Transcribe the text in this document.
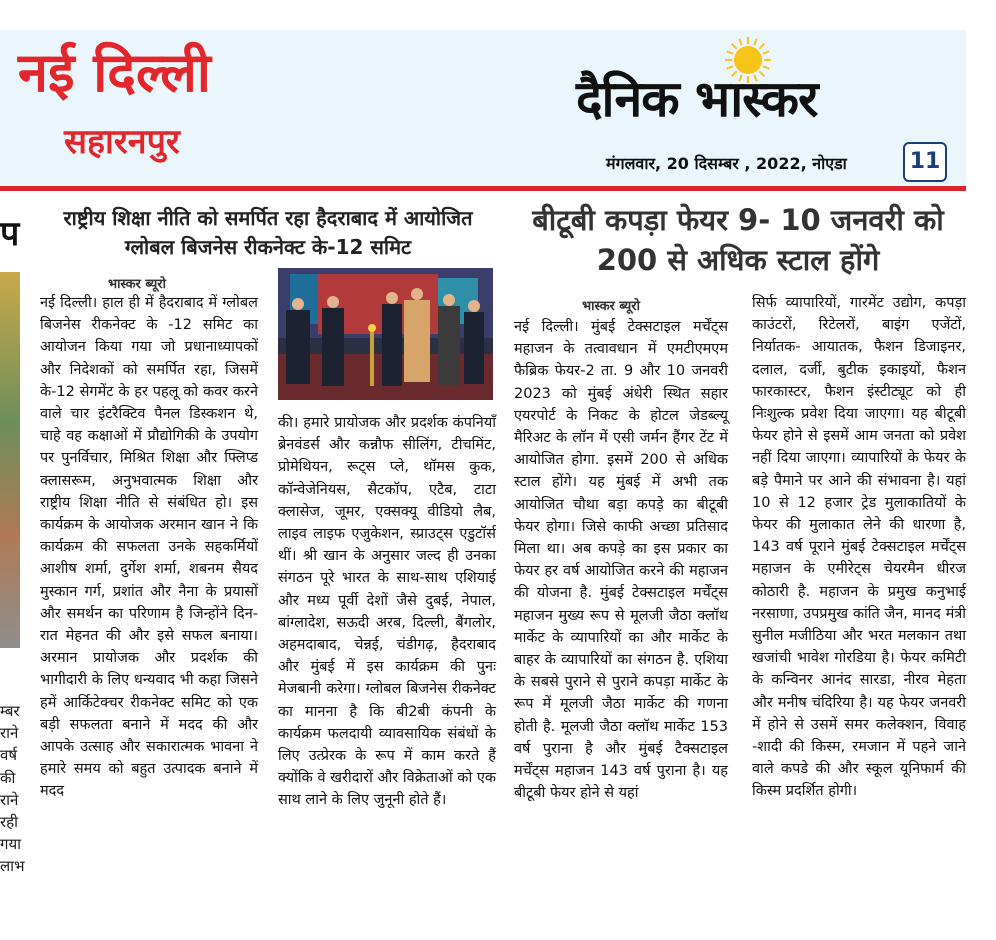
नई दिल्ली
सहारनपुर
दैनिक भास्कर
मंगलवार, 20 दिसम्बर , 2022, नोएडा	11
प
म्बर
राने
वर्ष
की
राने
रही
गया
लाभ
राष्ट्रीय शिक्षा नीति को समर्पित रहा हैदराबाद में आयोजित ग्लोबल बिजनेस रीकनेक्ट के-12 समिट
भास्कर ब्यूरो

नई दिल्ली। हाल ही में हैदराबाद में ग्लोबल बिजनेस रीकनेक्ट के -12 समिट का आयोजन किया गया जो प्रधानाध्यापकों और निदेशकों को समर्पित रहा, जिसमें के-12 सेगमेंट के हर पहलू को कवर करने वाले चार इंटरैक्टिव पैनल डिस्कशन थे, चाहे वह कक्षाओं में प्रौद्योगिकी के उपयोग पर पुनर्विचार, मिश्रित शिक्षा और फ्लिप्ड क्लासरूम, अनुभवात्मक शिक्षा और राष्ट्रीय शिक्षा नीति से संबंधित हो। इस कार्यक्रम के आयोजक अरमान खान ने कि कार्यक्रम की सफलता उनके सहकर्मियों आशीष शर्मा, दुर्गेश शर्मा, शबनम सैयद मुस्कान गर्ग, प्रशांत और नैना के प्रयासों और समर्थन का परिणाम है जिन्होंने दिन-रात मेहनत की और इसे सफल बनाया। अरमान प्रायोजक और प्रदर्शक की भागीदारी के लिए धन्यवाद भी कहा जिसने हमें आर्किटेक्चर रीकनेक्ट समिट को एक बड़ी सफलता बनाने में मदद की और आपके उत्साह और सकारात्मक भावना ने हमारे समय को बहुत उत्पादक बनाने में मदद

की। हमारे प्रायोजक और प्रदर्शक कंपनियाँ ब्रेनवंडर्स और कन्नौफ सीलिंग, टीचमिंट, प्रोमेथियन, रूट्स प्ले, थॉमस कुक, कॉन्वेजेनियस, सैटकॉप, एटैब, टाटा क्लासेज, जूमर, एक्सक्यू वीडियो लैब, लाइव लाइफ एजुकेशन, स्प्राउट्स एडुटॉर्स थीं। श्री खान के अनुसार जल्द ही उनका संगठन पूरे भारत के साथ-साथ एशियाई और मध्य पूर्वी देशों जैसे दुबई, नेपाल, बांग्लादेश, सऊदी अरब, दिल्ली, बैंगलोर, अहमदाबाद, चेन्नई, चंडीगढ़, हैदराबाद और मुंबई में इस कार्यक्रम की पुनः मेजबानी करेगा। ग्लोबल बिजनेस रीकनेक्ट का मानना है कि बी2बी कंपनी के कार्यक्रम फलदायी व्यावसायिक संबंधों के लिए उत्प्रेरक के रूप में काम करते हैं क्योंकि वे खरीदारों और विक्रेताओं को एक साथ लाने के लिए जुनूनी होते हैं।

बीटूबी कपड़ा फेयर 9- 10 जनवरी को 200 से अधिक स्टाल होंगे
भास्कर ब्यूरो

नई दिल्ली। मुंबई टेक्सटाइल मर्चेंट्स महाजन के तत्वावधान में एमटीएमएम फैब्रिक फेयर-2 ता. 9 और 10 जनवरी 2023 को मुंबई अंधेरी स्थित सहार एयरपोर्ट के निकट के होटल जेडब्ल्यू मैरिअट के लॉन में एसी जर्मन हैंगर टेंट में आयोजित होगा. इसमें 200 से अधिक स्टाल होंगे। यह मुंबई में अभी तक आयोजित चौथा बड़ा कपड़े का बीटूबी फेयर होगा। जिसे काफी अच्छा प्रतिसाद मिला था। अब कपड़े का इस प्रकार का फेयर हर वर्ष आयोजित करने की महाजन की योजना है. मुंबई टेक्सटाइल मर्चेंट्स महाजन मुख्य रूप से मूलजी जैठा क्लॉथ मार्केट के व्यापारियों का और मार्केट के बाहर के व्यापारियों का संगठन है. एशिया के सबसे पुराने से पुराने कपड़ा मार्केट के रूप में मूलजी जैठा मार्केट की गणना होती है. मूलजी जैठा क्लॉथ मार्केट 153 वर्ष पुराना है और मुंबई टैक्सटाइल मर्चेंट्स महाजन 143 वर्ष पुराना है। यह बीटूबी फेयर होने से यहां

सिर्फ व्यापारियों, गारमेंट उद्योग, कपड़ा काउंटरों, रिटेलरों, बाइंग एजेंटों, निर्यातक- आयातक, फैशन डिजाइनर, दलाल, दर्जी, बुटीक इकाइयों, फैशन फारकास्टर, फैशन इंस्टीट्यूट को ही निःशुल्क प्रवेश दिया जाएगा। यह बीटूबी फेयर होने से इसमें आम जनता को प्रवेश नहीं दिया जाएगा। व्यापारियों के फेयर के बड़े पैमाने पर आने की संभावना है। यहां 10 से 12 हजार ट्रेड मुलाकातियों के फेयर की मुलाकात लेने की धारणा है, 143 वर्ष पूराने मुंबई टेक्सटाइल मर्चेंट्स महाजन के एमीरेट्स चेयरमैन धीरज कोठारी है. महाजन के प्रमुख कनुभाई नरसाणा, उपप्रमुख कांति जैन, मानद मंत्री सुनील मजीठिया और भरत मलकान तथा खजांची भावेश गोरडिया है। फेयर कमिटी के कन्विनर आनंद सारडा, नीरव मेहता और मनीष चंदिरिया है। यह फेयर जनवरी में होने से उसमें समर कलेक्शन, विवाह -शादी की किस्म, रमजान में पहने जाने वाले कपडे की और स्कूल यूनिफार्म की किस्म प्रदर्शित होगी।
